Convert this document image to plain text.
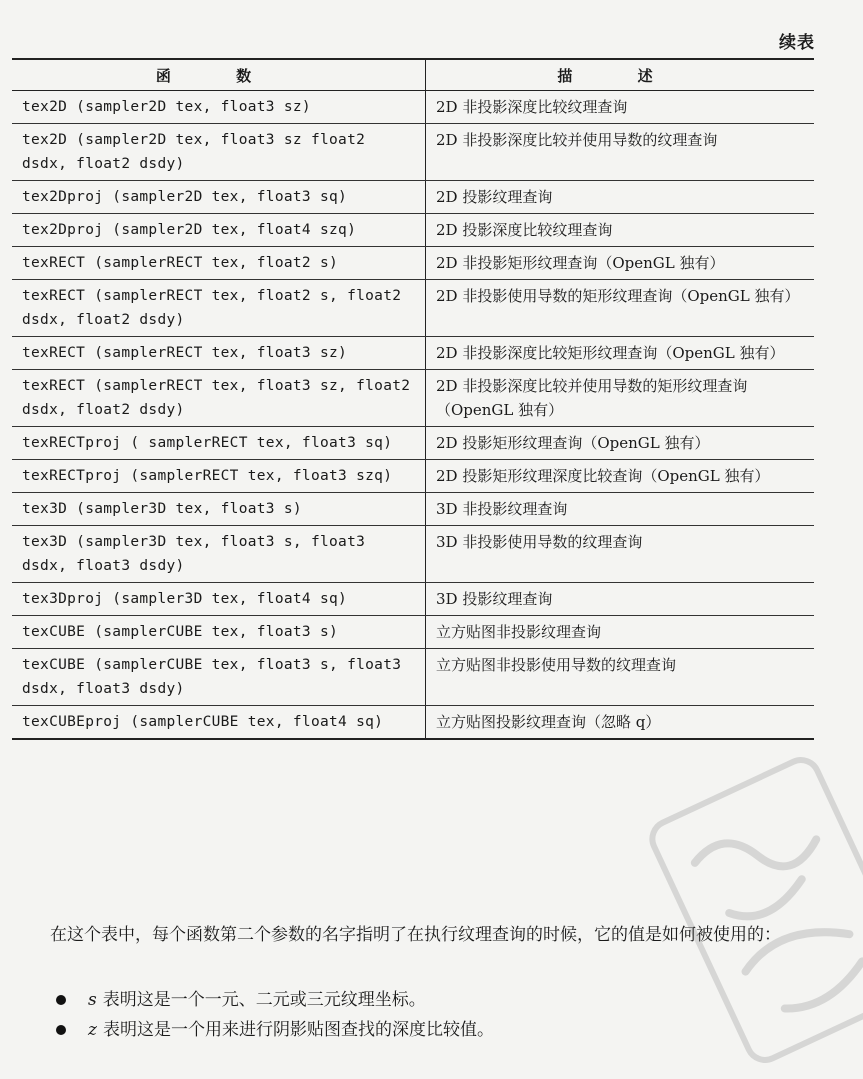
续表
函 数	描 述
tex2D (sampler2D tex, float3 sz)	2D 非投影深度比较纹理查询
tex2D (sampler2D tex, float3 sz float2 dsdx, float2 dsdy)	2D 非投影深度比较并使用导数的纹理查询
tex2Dproj (sampler2D tex, float3 sq)	2D 投影纹理查询
tex2Dproj (sampler2D tex, float4 szq)	2D 投影深度比较纹理查询
texRECT (samplerRECT tex, float2 s)	2D 非投影矩形纹理查询（OpenGL 独有）
texRECT (samplerRECT tex, float2 s, float2 dsdx, float2 dsdy)	2D 非投影使用导数的矩形纹理查询（OpenGL 独有）
texRECT (samplerRECT tex, float3 sz)	2D 非投影深度比较矩形纹理查询（OpenGL 独有）
texRECT (samplerRECT tex, float3 sz, float2 dsdx, float2 dsdy)	2D 非投影深度比较并使用导数的矩形纹理查询（OpenGL 独有）
texRECTproj ( samplerRECT tex, float3 sq)	2D 投影矩形纹理查询（OpenGL 独有）
texRECTproj (samplerRECT tex, float3 szq)	2D 投影矩形纹理深度比较查询（OpenGL 独有）
tex3D (sampler3D tex, float3 s)	3D 非投影纹理查询
tex3D (sampler3D tex, float3 s, float3 dsdx, float3 dsdy)	3D 非投影使用导数的纹理查询
tex3Dproj (sampler3D tex, float4 sq)	3D 投影纹理查询
texCUBE (samplerCUBE tex, float3 s)	立方贴图非投影纹理查询
texCUBE (samplerCUBE tex, float3 s, float3 dsdx, float3 dsdy)	立方贴图非投影使用导数的纹理查询
texCUBEproj (samplerCUBE tex, float4 sq)	立方贴图投影纹理查询（忽略 q）
在这个表中，每个函数第二个参数的名字指明了在执行纹理查询的时候，它的值是如何被使用的：
s 表明这是一个一元、二元或三元纹理坐标。
z 表明这是一个用来进行阴影贴图查找的深度比较值。
